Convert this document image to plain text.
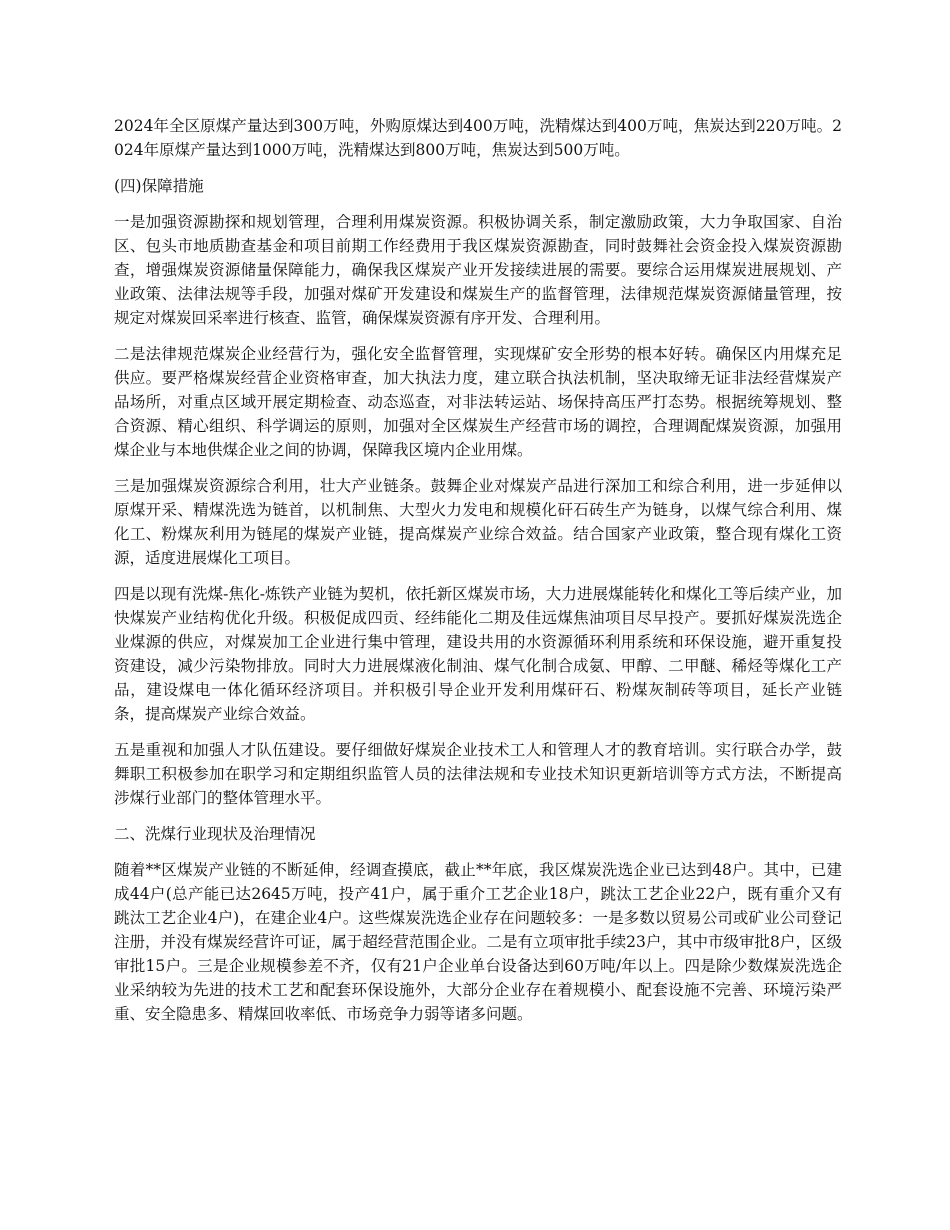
2024年全区原煤产量达到300万吨，外购原煤达到400万吨，洗精煤达到400万吨，焦炭达到220万吨。2024年原煤产量达到1000万吨，洗精煤达到800万吨，焦炭达到500万吨。

(四)保障措施

一是加强资源勘探和规划管理，合理利用煤炭资源。积极协调关系，制定激励政策，大力争取国家、自治区、包头市地质勘查基金和项目前期工作经费用于我区煤炭资源勘查，同时鼓舞社会资金投入煤炭资源勘查，增强煤炭资源储量保障能力，确保我区煤炭产业开发接续进展的需要。要综合运用煤炭进展规划、产业政策、法律法规等手段，加强对煤矿开发建设和煤炭生产的监督管理，法律规范煤炭资源储量管理，按规定对煤炭回采率进行核查、监管，确保煤炭资源有序开发、合理利用。

二是法律规范煤炭企业经营行为，强化安全监督管理，实现煤矿安全形势的根本好转。确保区内用煤充足供应。要严格煤炭经营企业资格审查，加大执法力度，建立联合执法机制，坚决取缔无证非法经营煤炭产品场所，对重点区域开展定期检查、动态巡查，对非法转运站、场保持高压严打态势。根据统筹规划、整合资源、精心组织、科学调运的原则，加强对全区煤炭生产经营市场的调控，合理调配煤炭资源，加强用煤企业与本地供煤企业之间的协调，保障我区境内企业用煤。

三是加强煤炭资源综合利用，壮大产业链条。鼓舞企业对煤炭产品进行深加工和综合利用，进一步延伸以原煤开采、精煤洗选为链首，以机制焦、大型火力发电和规模化矸石砖生产为链身，以煤气综合利用、煤化工、粉煤灰利用为链尾的煤炭产业链，提高煤炭产业综合效益。结合国家产业政策，整合现有煤化工资 源，适度进展煤化工项目。

四是以现有洗煤-焦化-炼铁产业链为契机，依托新区煤炭市场，大力进展煤能转化和煤化工等后续产业，加快煤炭产业结构优化升级。积极促成四贡、经纬能化二期及佳远煤焦油项目尽早投产。要抓好煤炭洗选企业煤源的供应，对煤炭加工企业进行集中管理，建设共用的水资源循环利用系统和环保设施，避开重复投资建设，减少污染物排放。同时大力进展煤液化制油、煤气化制合成氨、甲醇、二甲醚、稀烃等煤化工产品，建设煤电一体化循环经济项目。并积极引导企业开发利用煤矸石、粉煤灰制砖等项目，延长产业链条，提高煤炭产业综合效益。

五是重视和加强人才队伍建设。要仔细做好煤炭企业技术工人和管理人才的教育培训。实行联合办学，鼓舞职工积极参加在职学习和定期组织监管人员的法律法规和专业技术知识更新培训等方式方法，不断提高涉煤行业部门的整体管理水平。

二、洗煤行业现状及治理情况

随着**区煤炭产业链的不断延伸，经调查摸底，截止**年底，我区煤炭洗选企业已达到48户。其中，已建成44户(总产能已达2645万吨，投产41户，属于重介工艺企业18户，跳汰工艺企业22户，既有重介又有跳汰工艺企业4户)，在建企业4户。这些煤炭洗选企业存在问题较多：一是多数以贸易公司或矿业公司登记注册，并没有煤炭经营许可证，属于超经营范围企业。二是有立项审批手续23户，其中市级审批8户，区级审批15户。三是企业规模参差不齐，仅有21户企业单台设备达到60万吨/年以上。四是除少数煤炭洗选企业采纳较为先进的技术工艺和配套环保设施外，大部分企业存在着规模小、配套设施不完善、环境污染严重、安全隐患多、精煤回收率低、市场竞争力弱等诸多问题。
